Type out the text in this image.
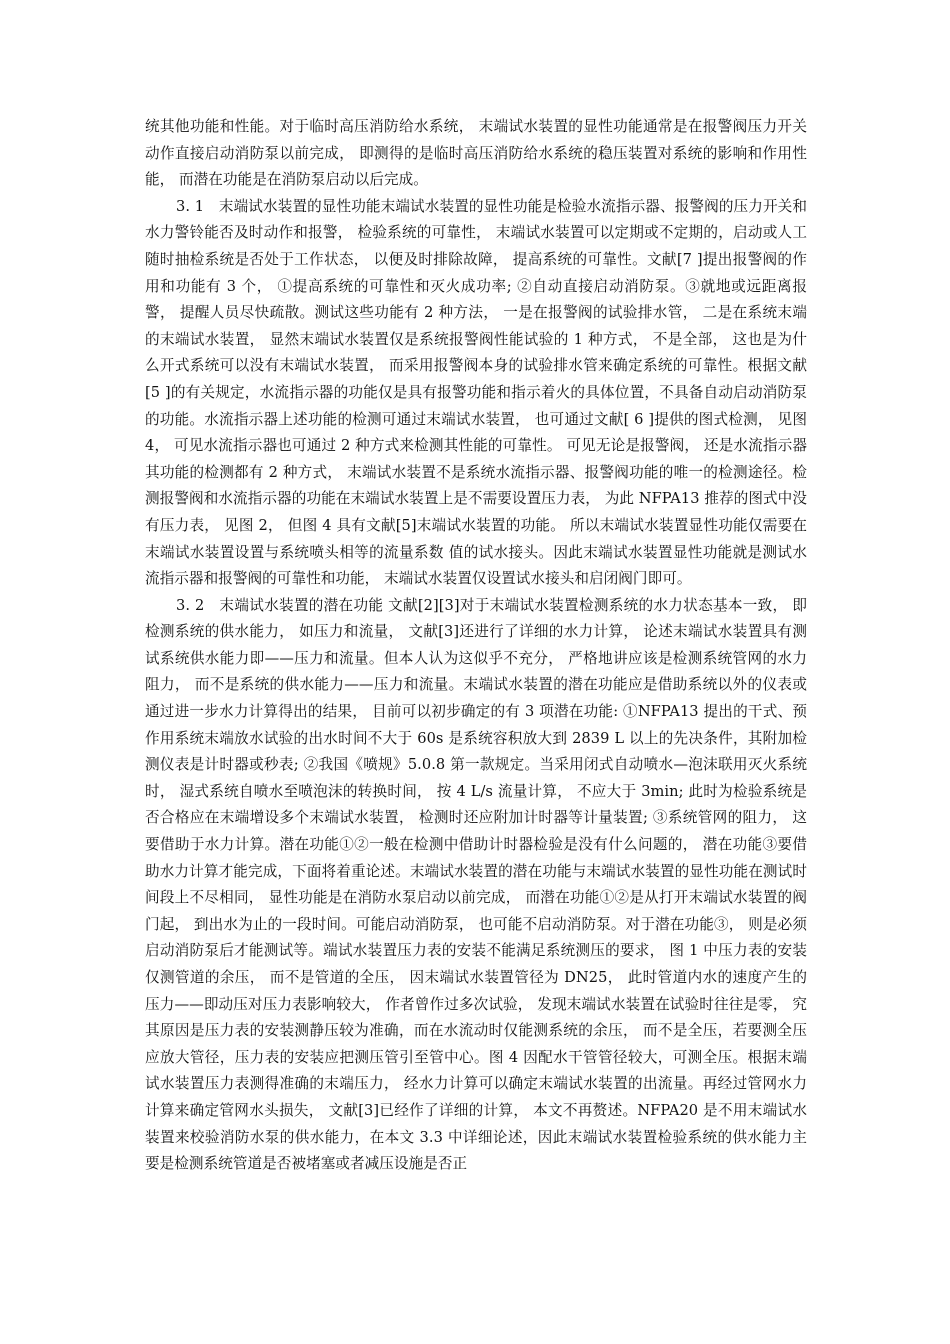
统其他功能和性能。对于临时高压消防给水系统， 末端试水装置的显性功能通常是在报警阀压力开关动作直接启动消防泵以前完成， 即测得的是临时高压消防给水系统的稳压装置对系统的影响和作用性能， 而潜在功能是在消防泵启动以后完成。

3. 1　末端试水装置的显性功能末端试水装置的显性功能是检验水流指示器、报警阀的压力开关和水力警铃能否及时动作和报警， 检验系统的可靠性， 末端试水装置可以定期或不定期的，启动或人工随时抽检系统是否处于工作状态， 以便及时排除故障， 提高系统的可靠性。文献[7 ]提出报警阀的作用和功能有 3 个， ①提高系统的可靠性和灭火成功率; ②自动直接启动消防泵。③就地或远距离报警， 提醒人员尽快疏散。测试这些功能有 2 种方法， 一是在报警阀的试验排水管， 二是在系统末端的末端试水装置， 显然末端试水装置仅是系统报警阀性能试验的 1 种方式， 不是全部， 这也是为什么开式系统可以没有末端试水装置， 而采用报警阀本身的试验排水管来确定系统的可靠性。根据文献[5 ]的有关规定，水流指示器的功能仅是具有报警功能和指示着火的具体位置，不具备自动启动消防泵的功能。水流指示器上述功能的检测可通过末端试水装置， 也可通过文献[ 6 ]提供的图式检测， 见图 4， 可见水流指示器也可通过 2 种方式来检测其性能的可靠性。 可见无论是报警阀， 还是水流指示器其功能的检测都有 2 种方式， 末端试水装置不是系统水流指示器、报警阀功能的唯一的检测途径。检测报警阀和水流指示器的功能在末端试水装置上是不需要设置压力表， 为此 NFPA13 推荐的图式中没有压力表， 见图 2， 但图 4 具有文献[5]末端试水装置的功能。 所以末端试水装置显性功能仅需要在末端试水装置设置与系统喷头相等的流量系数 值的试水接头。因此末端试水装置显性功能就是测试水流指示器和报警阀的可靠性和功能， 末端试水装置仅设置试水接头和启闭阀门即可。

3. 2　末端试水装置的潜在功能 文献[2][3]对于末端试水装置检测系统的水力状态基本一致， 即检测系统的供水能力， 如压力和流量， 文献[3]还进行了详细的水力计算， 论述末端试水装置具有测试系统供水能力即——压力和流量。但本人认为这似乎不充分， 严格地讲应该是检测系统管网的水力阻力， 而不是系统的供水能力——压力和流量。末端试水装置的潜在功能应是借助系统以外的仪表或通过进一步水力计算得出的结果， 目前可以初步确定的有 3 项潜在功能: ①NFPA13 提出的干式、预作用系统末端放水试验的出水时间不大于 60s 是系统容积放大到 2839 L 以上的先决条件，其附加检测仪表是计时器或秒表; ②我国《喷规》5.0.8 第一款规定。当采用闭式自动喷水—泡沫联用灭火系统时， 湿式系统自喷水至喷泡沫的转换时间， 按 4 L/s 流量计算， 不应大于 3min; 此时为检验系统是否合格应在末端增设多个末端试水装置， 检测时还应附加计时器等计量装置; ③系统管网的阻力， 这要借助于水力计算。潜在功能①②一般在检测中借助计时器检验是没有什么问题的， 潜在功能③要借助水力计算才能完成，下面将着重论述。末端试水装置的潜在功能与末端试水装置的显性功能在测试时间段上不尽相同， 显性功能是在消防水泵启动以前完成， 而潜在功能①②是从打开末端试水装置的阀门起， 到出水为止的一段时间。可能启动消防泵， 也可能不启动消防泵。对于潜在功能③， 则是必须启动消防泵后才能测试等。端试水装置压力表的安装不能满足系统测压的要求， 图 1 中压力表的安装仅测管道的余压， 而不是管道的全压， 因末端试水装置管径为 DN25， 此时管道内水的速度产生的压力——即动压对压力表影响较大， 作者曾作过多次试验， 发现末端试水装置在试验时往往是零， 究其原因是压力表的安装测静压较为准确，而在水流动时仅能测系统的余压， 而不是全压，若要测全压应放大管径，压力表的安装应把测压管引至管中心。图 4 因配水干管管径较大，可测全压。根据末端试水装置压力表测得准确的末端压力， 经水力计算可以确定末端试水装置的出流量。再经过管网水力计算来确定管网水头损失， 文献[3]已经作了详细的计算， 本文不再赘述。NFPA20 是不用末端试水装置来校验消防水泵的供水能力，在本文 3.3 中详细论述，因此末端试水装置检验系统的供水能力主要是检测系统管道是否被堵塞或者减压设施是否正
